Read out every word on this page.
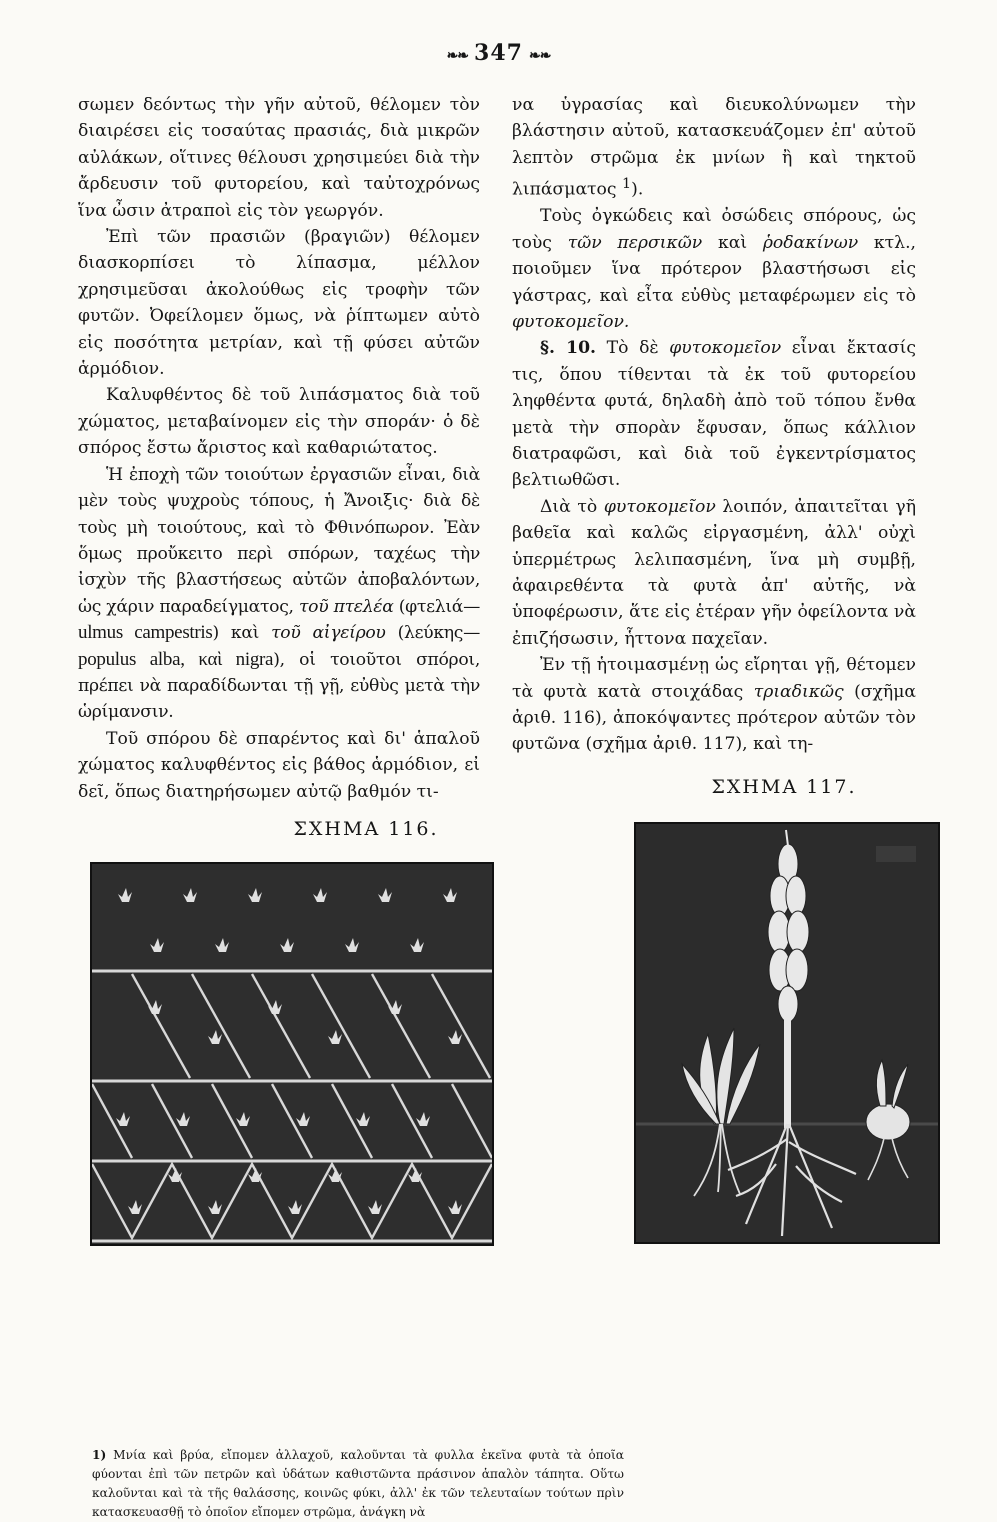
❧❧ 347 ❧❧

σωμεν δεόντως τὴν γῆν αὐτοῦ, θέλομεν τὸν διαιρέσει εἰς τοσαύτας πρασιάς, διὰ μικρῶν αὐλάκων, οἵτινες θέλουσι χρησιμεύει διὰ τὴν ἄρδευσιν τοῦ φυτορείου, καὶ ταὐτοχρόνως ἵνα ὦσιν ἀτραποὶ εἰς τὸν γεωργόν.

Ἐπὶ τῶν πρασιῶν (βραγιῶν) θέλομεν διασκορπίσει τὸ λίπασμα, μέλλον χρησιμεῦσαι ἀκολούθως εἰς τροφὴν τῶν φυτῶν. Ὀφείλομεν ὅμως, νὰ ῥίπτωμεν αὐτὸ εἰς ποσότητα μετρίαν, καὶ τῇ φύσει αὐτῶν ἁρμόδιον.

Καλυφθέντος δὲ τοῦ λιπάσματος διὰ τοῦ χώματος, μεταβαίνομεν εἰς τὴν σποράν· ὁ δὲ σπόρος ἔστω ἄριστος καὶ καθαριώτατος.

Ἡ ἐποχὴ τῶν τοιούτων ἐργασιῶν εἶναι, διὰ μὲν τοὺς ψυχροὺς τόπους, ἡ Ἄνοιξις· διὰ δὲ τοὺς μὴ τοιούτους, καὶ τὸ Φθινόπωρον. Ἐὰν ὅμως προὔκειτο περὶ σπόρων, ταχέως τὴν ἰσχὺν τῆς βλαστήσεως αὐτῶν ἀποβαλόντων, ὡς χάριν παραδείγματος, τοῦ πτελέα (φτελιά—ulmus campestris) καὶ τοῦ αἰγείρου (λεύκης—populus alba, καὶ nigra), οἱ τοιοῦτοι σπόροι, πρέπει νὰ παραδίδωνται τῇ γῇ, εὐθὺς μετὰ τὴν ὡρίμανσιν.

Τοῦ σπόρου δὲ σπαρέντος καὶ δι' ἁπαλοῦ χώματος καλυφθέντος εἰς βάθος ἁρμόδιον, εἰ δεῖ, ὅπως διατηρήσωμεν αὐτῷ βαθμόν τι-

να ὑγρασίας καὶ διευκολύνωμεν τὴν βλάστησιν αὐτοῦ, κατασκευάζομεν ἐπ' αὐτοῦ λεπτὸν στρῶμα ἐκ μνίων ἢ καὶ τηκτοῦ λιπάσματος $^1$).

Τοὺς ὀγκώδεις καὶ ὀσώδεις σπόρους, ὡς τοὺς τῶν περσικῶν καὶ ῥοδακίνων κτλ., ποιοῦμεν ἵνα πρότερον βλαστήσωσι εἰς γάστρας, καὶ εἶτα εὐθὺς μεταφέρωμεν εἰς τὸ φυτοκομεῖον.

§. 10. Τὸ δὲ φυτοκομεῖον εἶναι ἔκτασίς τις, ὅπου τίθενται τὰ ἐκ τοῦ φυτορείου ληφθέντα φυτά, δηλαδὴ ἀπὸ τοῦ τόπου ἔνθα μετὰ τὴν σπορὰν ἔφυσαν, ὅπως κάλλιον διατραφῶσι, καὶ διὰ τοῦ ἐγκεντρίσματος βελτιωθῶσι.

Διὰ τὸ φυτοκομεῖον λοιπόν, ἀπαιτεῖται γῆ βαθεῖα καὶ καλῶς εἰργασμένη, ἀλλ' οὐχὶ ὑπερμέτρως λελιπασμένη, ἵνα μὴ συμβῇ, ἀφαιρεθέντα τὰ φυτὰ ἀπ' αὐτῆς, νὰ ὑποφέρωσιν, ἅτε εἰς ἑτέραν γῆν ὀφείλοντα νὰ ἐπιζήσωσιν, ἧττονα παχεῖαν.

Ἐν τῇ ἡτοιμασμένῃ ὡς εἴρηται γῇ, θέτομεν τὰ φυτὰ κατὰ στοιχάδας τριαδικῶς (σχῆμα ἀριθ. 116), ἀποκόψαντες πρότερον αὐτῶν τὸν φυτῶνα (σχῆμα ἀριθ. 117), καὶ τη-

ΣΧΗΜΑ 117.
ΣΧΗΜΑ 116.
1) Μνία καὶ βρύα, εἴπομεν ἀλλαχοῦ, καλοῦνται τὰ φυλλα ἐκεῖνα φυτὰ τὰ ὁποῖα φύονται ἐπὶ τῶν πετρῶν καὶ ὑδάτων καθιστῶντα πράσινον ἁπαλὸν τάπητα. Οὕτω καλοῦνται καὶ τὰ τῆς θαλάσσης, κοινῶς φύκι, ἀλλ' ἐκ τῶν τελευταίων τούτων πρὶν κατασκευασθῇ τὸ ὁποῖον εἴπομεν στρῶμα, ἀνάγκη νὰ
